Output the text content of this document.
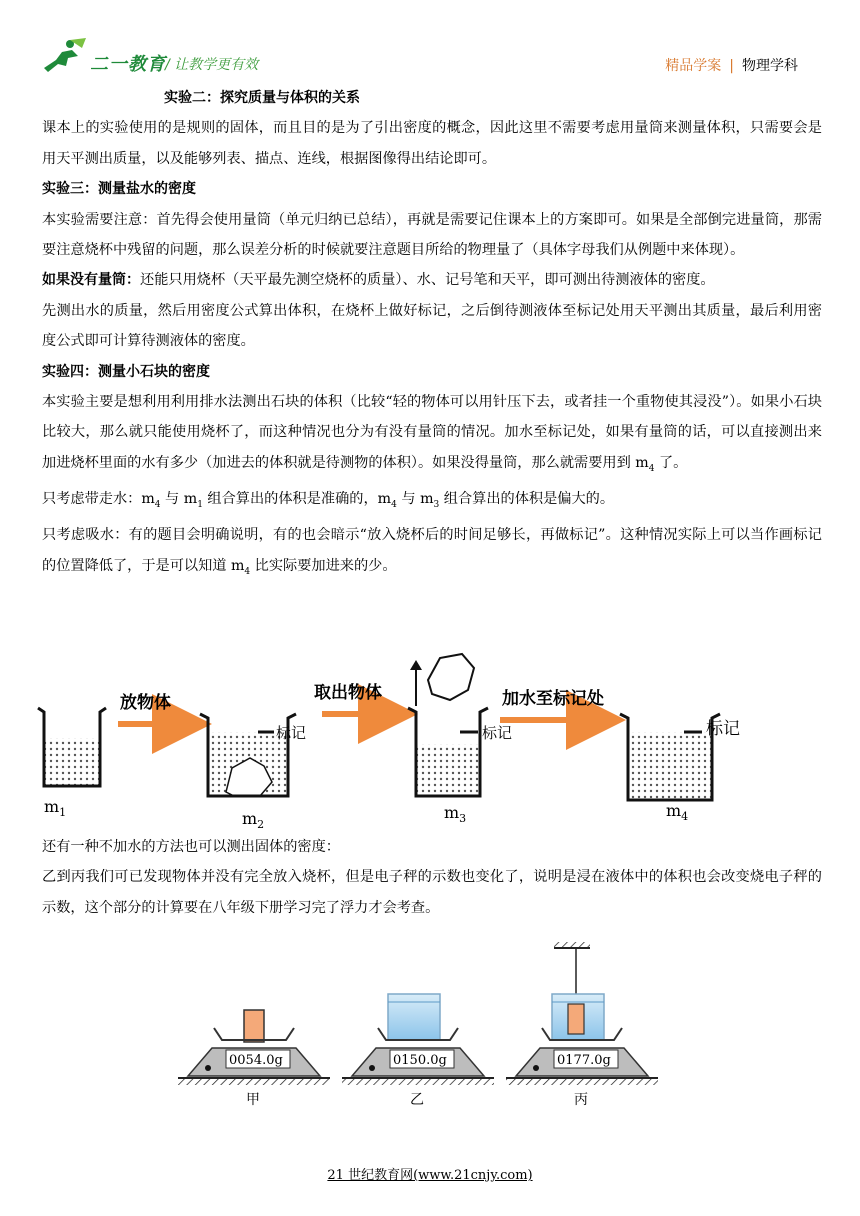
二一教育 / 让教学更有效	精品学案 | 物理学科

实验二：探究质量与体积的关系

课本上的实验使用的是规则的固体，而且目的是为了引出密度的概念，因此这里不需要考虑用量筒来测量体积，只需要会是用天平测出质量，以及能够列表、描点、连线，根据图像得出结论即可。

实验三：测量盐水的密度

本实验需要注意：首先得会使用量筒（单元归纳已总结），再就是需要记住课本上的方案即可。如果是全部倒完进量筒，那需要注意烧杯中残留的问题，那么误差分析的时候就要注意题目所给的物理量了（具体字母我们从例题中来体现）。

如果没有量筒：还能只用烧杯（天平最先测空烧杯的质量）、水、记号笔和天平，即可测出待测液体的密度。

先测出水的质量，然后用密度公式算出体积，在烧杯上做好标记，之后倒待测液体至标记处用天平测出其质量，最后利用密度公式即可计算待测液体的密度。

实验四：测量小石块的密度

本实验主要是想利用利用排水法测出石块的体积（比较“轻的物体可以用针压下去，或者挂一个重物使其浸没”）。如果小石块比较大，那么就只能使用烧杯了，而这种情况也分为有没有量筒的情况。加水至标记处，如果有量筒的话，可以直接测出来加进烧杯里面的水有多少（加进去的体积就是待测物的体积）。如果没得量筒，那么就需要用到 $m_4$ 了。

只考虑带走水：$m_4$ 与 $m_1$ 组合算出的体积是准确的，$m_4$ 与 $m_3$ 组合算出的体积是偏大的。

只考虑吸水：有的题目会明确说明，有的也会暗示“放入烧杯后的时间足够长，再做标记”。这种情况实际上可以当作画标记的位置降低了，于是可以知道 $m_4$ 比实际要加进来的少。

$m_1$
放物体
标记
$m_2$
取出物体
标记
$m_3$
加水至标记处
标记
$m_4$

还有一种不加水的方法也可以测出固体的密度：

乙到丙我们可已发现物体并没有完全放入烧杯，但是电子秤的示数也变化了，说明是浸在液体中的体积也会改变烧电子秤的示数，这个部分的计算要在八年级下册学习完了浮力才会考查。

0054.0g
甲
0150.0g
乙
0177.0g
丙
21 世纪教育网(www.21cnjy.com)
